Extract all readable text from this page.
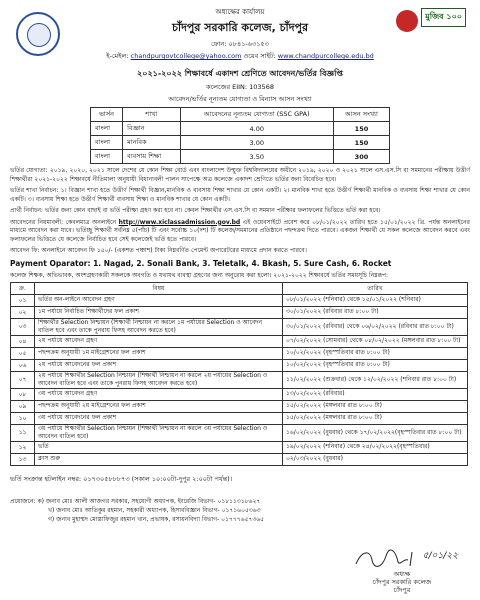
মুজিব ১০০
অধ্যক্ষের কার্যালয়
চাঁদপুর সরকারি কলেজ, চাঁদপুর
ফোন: ০৮৪১-৬৩১৫৩
ই-মেইল: chandpurgovtcollege@yahoo.com ওয়েব সাইট: www.chandpurcollege.edu.bd
২০২১-২০২২ শিক্ষাবর্ষে একাদশ শ্রেণিতে আবেদন/ভর্তির বিজ্ঞপ্তি
কলেজের EIIN: 103568
আবেদন/ভর্তির নূন্যতম যোগ্যতা ও বিন্যাস আসন সংখ্যা
ভার্সন	শাখা	আবেদনের নূন্যতম যোগ্যতা (SSC GPA)	আসন সংখ্যা
বাংলা	বিজ্ঞান	4.00	150
বাংলা	মানবিক	3.00	150
বাংলা	ব্যবসায় শিক্ষা	3.50	300

ভর্তির যোগ্যতা: ২০১৯, ২০২০, ২০২১ সালে দেশের যে কোন শিক্ষা বোর্ড এবং বাংলাদেশ উন্মুক্ত বিশ্ববিদ্যালয়ের অধীনে ২০১৯, ২০২০ ও ২০২১ সালে এস.এস.সি বা সমমানের পরীক্ষায় উত্তীর্ণ শিক্ষার্থীরা ২০২১-২০২২ শিক্ষাবর্ষে নীতিমালা অনুযায়ী বিধানাবলী পালন সাপেক্ষে অত্র কলেজে একাদশ শ্রেণিতে ভর্তির জন্য বিবেচিত হবে।

ভর্তির শাখা নির্বাচন: ১। বিজ্ঞান শাখা হতে উত্তীর্ণ শিক্ষার্থী বিজ্ঞান,মানবিক ও ব্যবসায় শিক্ষা শাখার যে কোন একটি। ২। মানবিক শাখা হতে উত্তীর্ণ শিক্ষার্থী মানবিক ও ব্যবসায় শিক্ষা শাখার যে কোন একটি। ৩। ব্যবসায় শিক্ষা হতে উত্তীর্ণ শিক্ষার্থী ব্যবসায় শিক্ষা ও মানবিক শাখার যে কোন একটি।

প্রার্থী নির্বাচন: ভর্তির জন্য কোন বাছাই বা ভর্তি পরীক্ষা গ্রহণ করা হবে না। কেবল শিক্ষার্থীর এস.এস.সি বা সমমান পরীক্ষার ফলাফলের ভিত্তিতে ভর্তি করা হবে।

আবেদনের নিয়মাবলী: কেবলমাত্র অনলাইনে http://www.xiclassadmission.gov.bd এই ওয়েবসাইটে প্রবেশ করে ০৮/০১/২০২২ তারিখ হতে ১৫/০১/২০২২ খ্রি. পর্যন্ত অনলাইনের মাধ্যমে আবেদন করা যাবে। ভর্তিচ্ছু শিক্ষার্থী সর্বনিম্ন ৫(পাঁচ) টি এবং সর্বোচ্চ ১০(দশ) টি কলেজ/সমমানের প্রতিষ্ঠানে পছন্দক্রম দিতে পারবে। একজন শিক্ষার্থী যে সকল কলেজে আবেদন করবে এবং ফলাফলের ভিত্তিতে যে কলেজে নির্বাচিত হবে সেই কলেজেই ভর্তি হতে পারবে।

আবেদন ফি: অনলাইনে আবেদন ফি ১৫০/- (একশত পঞ্চাশ) টাকা নিম্নবর্ণিত পেমেন্ট অপারেটরের মাধ্যমে প্রদান করতে পারবে।

Payment Oparator: 1. Nagad, 2. Sonali Bank, 3. Teletalk, 4. Bkash, 5. Sure Cash, 6. Rocket
কলেজ শিক্ষক, অভিভাবক, অংশগ্রহণকারী সকলকে অবগতি ও যথাযথ ব্যবস্থা গ্রহণের জন্য অনুরোধ করা হলো। ২০২১-২০২২ শিক্ষাবর্ষে ভর্তির সময়সূচি নিম্নরূপ:
ক্র.	বিষয়	তারিখ
০১	ভর্তির অন-লাইনে আবেদন গ্রহণ	০৮/০১/২০২২ (শনিবার) থেকে ১৫/০১/২০২২ (শনিবার)
০২	১ম পর্যায়ে নির্বাচিত শিক্ষার্থীদের ফল প্রকাশ	৩০/০১/২০২২ (রবিবার রাত ৮:০০ টা)
০৩	শিক্ষার্থীর Selection নিশ্চায়ন (শিক্ষার্থী নিশ্চায়ন না করলে ১ম পর্যায়ের Selection ও আবেদন বাতিল হবে এবং তাকে পুনরায় ফিসহ আবেদন করতে হবে)	৩০/০১/২০২২ (রবিবার) থেকে ০৬/০২/২০২২ (রবিবার রাত ৮:০০ টা)
০৪	২য় পর্যায়ে আবেদন গ্রহণ	০৭/০২/২০২২ (সোমবার) থেকে ০৮/০২/২০২২ (মঙ্গলবার রাত ৮:০০ টা)
০৫	পছন্দক্রম অনুযায়ী ১ম মাইগ্রেশনের ফল প্রকাশ	১০/০২/২০২২ (বৃহস্পতিবার রাত ৮:০০ টা)
০৬	২য় পর্যায়ে আবেদনের ফল প্রকাশ	১০/০২/২০২২ (বৃহস্পতিবার রাত ৮:০০ টা)
০৭	২য় পর্যায়ে শিক্ষার্থীর Selection নিশ্চায়ন (শিক্ষার্থী নিশ্চায়ন না করলে ২য় পর্যায়ের Selection ও আবেদন বাতিল হবে এবং তাকে পুনরায় ফিসহ আবেদন করতে হবে)	১১/০২/২০২২ (শুক্রবার) থেকে ১২/০২/২০২২ (শনিবার রাত ৮:০০ টা)
০৮	৩য় পর্যায়ে আবেদন গ্রহণ	১৩/০২/২০২২ (রবিবার)
০৯	পছন্দক্রম অনুযায়ী ২য় মাইগ্রেশনের ফল প্রকাশ	১৫/০২/২০২২ (মঙ্গলবার রাত ৮:০০ টা)
১০	৩য় পর্যায়ে আবেদনের ফল প্রকাশ	১৫/০২/২০২২ (মঙ্গলবার রাত ৮:০০ টা)
১১	৩য় পর্যায়ে শিক্ষার্থীর Selection নিশ্চায়ন (শিক্ষার্থী নিশ্চায়ন না করলে ৩য় পর্যায়ের Selection ও আবেদন বাতিল হবে)	১৬/০২/২০২২ (বুধবার) থেকে ১৭/০২/২০২২(বৃহস্পতিবার রাত ৮:০০ টা)
১২	ভর্তি	১৯/০২/২০২২ (শনিবার) থেকে ২৪/০২/২০২২(বৃহস্পতিবার)
১৩	ক্লাস শুরু	০২/০৩/২০২২ (বুধবার)
ভর্তি সংক্রান্ত হটলাইন নম্বর: ০১৭৩০৫৮৮৮৭৩ (সকাল ১০:০০টা-দুপুর ২:০০টা পর্যন্ত)।
প্রয়োজনে: ক) জনাব মোঃ আলী আজগর সরকার, সহযোগী অধ্যাপক, ইংরেজি বিভাগ- ০১৮১১৩১৮৬২৭
খ) জনাব মোঃ আতিকুর রহমান, সহকারী অধ্যাপক, হিসাববিজ্ঞান বিভাগ- ০১৭১৬০৫৩৬৩
গ) জনাব মুহাম্মদ মোস্তাফিজুর রহমান খান, প্রভাষক, রসায়নবিদ্যা বিভাগ- ০১৭৭৭৬৫৭৩৬৫
৫/০১/২২
অধ্যক্ষ
চাঁদপুর সরকারি কলেজ
চাঁদপুর
